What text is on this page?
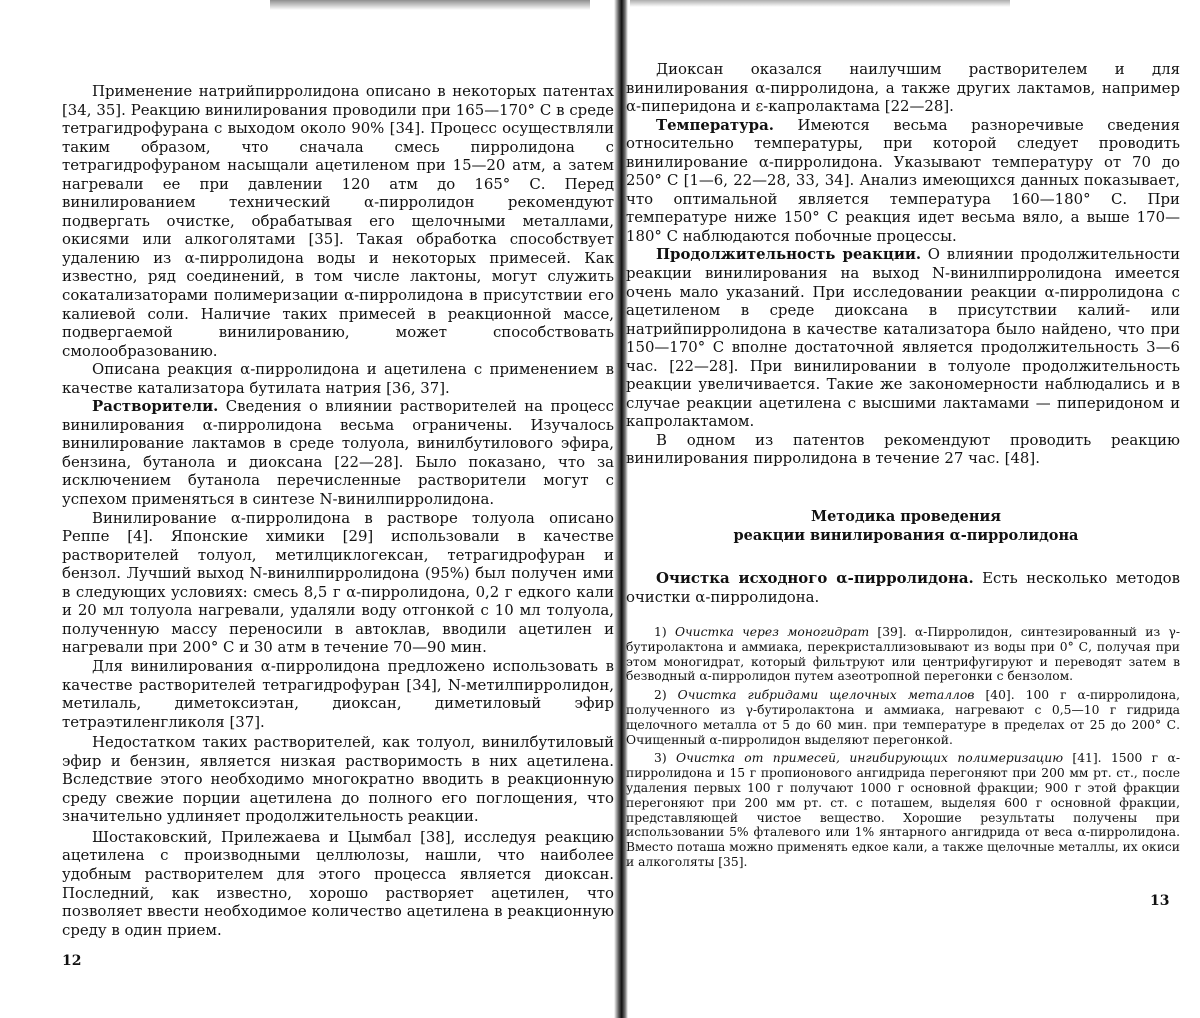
Применение натрийпирролидона описано в некоторых патентах [34, 35]. Реакцию винилирования проводили при 165—170° С в среде тетрагидрофурана с выходом около 90% [34]. Процесс осуществляли таким образом, что сначала смесь пирролидона с тетрагидрофураном насыщали ацетиленом при 15—20 атм, а затем нагревали ее при давлении 120 атм до 165° С. Перед винилированием технический α-пирролидон рекомендуют подвергать очистке, обрабатывая его щелочными металлами, окисями или алкоголятами [35]. Такая обработка способствует удалению из α-пирролидона воды и некоторых примесей. Как известно, ряд соединений, в том числе лактоны, могут служить сокатализаторами полимеризации α-пирролидона в присутствии его калиевой соли. Наличие таких примесей в реакционной массе, подвергаемой винилированию, может способствовать смолообразованию.

Описана реакция α-пирролидона и ацетилена с применением в качестве катализатора бутилата натрия [36, 37].

Растворители. Сведения о влиянии растворителей на процесс винилирования α-пирролидона весьма ограничены. Изучалось винилирование лактамов в среде толуола, винилбутилового эфира, бензина, бутанола и диоксана [22—28]. Было показано, что за исключением бутанола перечисленные растворители могут с успехом применяться в синтезе N-винилпирролидона.

Винилирование α-пирролидона в растворе толуола описано Реппе [4]. Японские химики [29] использовали в качестве растворителей толуол, метилциклогексан, тетрагидрофуран и бензол. Лучший выход N-винилпирролидона (95%) был получен ими в следующих условиях: смесь 8,5 г α-пирролидона, 0,2 г едкого кали и 20 мл толуола нагревали, удаляли воду отгонкой с 10 мл толуола, полученную массу переносили в автоклав, вводили ацетилен и нагревали при 200° С и 30 атм в течение 70—90 мин.

Для винилирования α-пирролидона предложено использовать в качестве растворителей тетрагидрофуран [34], N-метилпирролидон, метилаль, диметоксиэтан, диоксан, диметиловый эфир тетраэтиленгликоля [37].

Недостатком таких растворителей, как толуол, винилбутиловый эфир и бензин, является низкая растворимость в них ацетилена. Вследствие этого необходимо многократно вводить в реакционную среду свежие порции ацетилена до полного его поглощения, что значительно удлиняет продолжительность реакции.

Шостаковский, Прилежаева и Цымбал [38], исследуя реакцию ацетилена с производными целлюлозы, нашли, что наиболее удобным растворителем для этого процесса является диоксан. Последний, как известно, хорошо растворяет ацетилен, что позволяет ввести необходимое количество ацетилена в реакционную среду в один прием.

12

Диоксан оказался наилучшим растворителем и для винилирования α-пирролидона, а также других лактамов, например α-пиперидона и ε-капролактама [22—28].

Температура. Имеются весьма разноречивые сведения относительно температуры, при которой следует проводить винилирование α-пирролидона. Указывают температуру от 70 до 250° С [1—6, 22—28, 33, 34]. Анализ имеющихся данных показывает, что оптимальной является температура 160—180° С. При температуре ниже 150° С реакция идет весьма вяло, а выше 170—180° С наблюдаются побочные процессы.

Продолжительность реакции. О влиянии продолжительности реакции винилирования на выход N-винилпирролидона имеется очень мало указаний. При исследовании реакции α-пирролидона с ацетиленом в среде диоксана в присутствии калий- или натрийпирролидона в качестве катализатора было найдено, что при 150—170° С вполне достаточной является продолжительность 3—6 час. [22—28]. При винилировании в толуоле продолжительность реакции увеличивается. Такие же закономерности наблюдались и в случае реакции ацетилена с высшими лактамами — пиперидоном и капролактамом.

В одном из патентов рекомендуют проводить реакцию винилирования пирролидона в течение 27 час. [48].

Методика проведения
реакции винилирования α-пирролидона

Очистка исходного α-пирролидона. Есть несколько методов очистки α-пирролидона.

1) Очистка через моногидрат [39]. α-Пирролидон, синтезированный из γ-бутиролактона и аммиака, перекристаллизовывают из воды при 0° С, получая при этом моногидрат, который фильтруют или центрифугируют и переводят затем в безводный α-пирролидон путем азеотропной перегонки с бензолом.

2) Очистка гибридами щелочных металлов [40]. 100 г α-пирролидона, полученного из γ-бутиролактона и аммиака, нагревают с 0,5—10 г гидрида щелочного металла от 5 до 60 мин. при температуре в пределах от 25 до 200° С. Очищенный α-пирролидон выделяют перегонкой.

3) Очистка от примесей, ингибирующих полимеризацию [41]. 1500 г α-пирролидона и 15 г пропионового ангидрида перегоняют при 200 мм рт. ст., после удаления первых 100 г получают 1000 г основной фракции; 900 г этой фракции перегоняют при 200 мм рт. ст. с поташем, выделяя 600 г основной фракции, представляющей чистое вещество. Хорошие результаты получены при использовании 5% фталевого или 1% янтарного ангидрида от веса α-пирролидона. Вместо поташа можно применять едкое кали, а также щелочные металлы, их окиси и алкоголяты [35].

13
